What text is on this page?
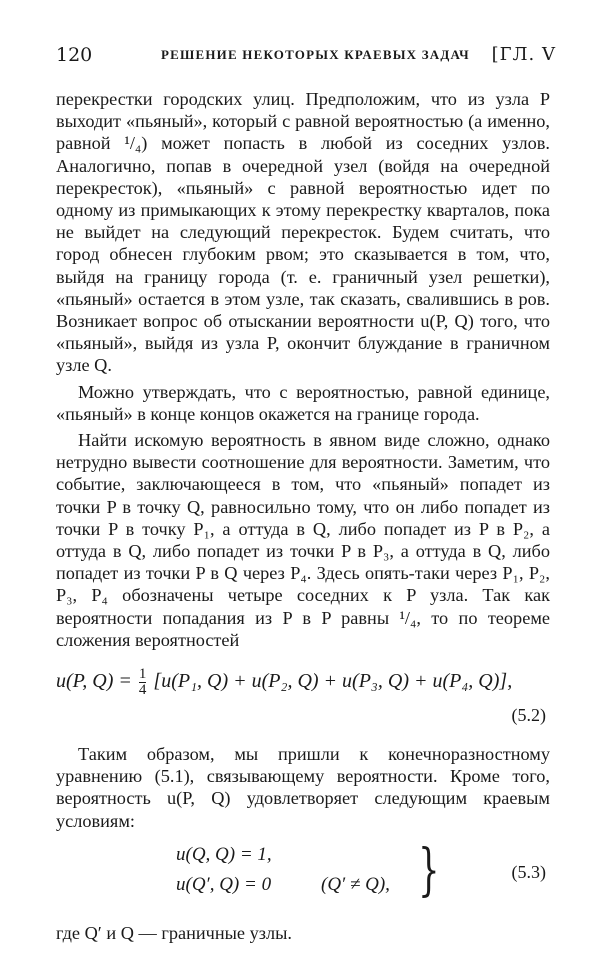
120	РЕШЕНИЕ НЕКОТОРЫХ КРАЕВЫХ ЗАДАЧ [ГЛ. V

перекрестки городских улиц. Предположим, что из узла P выходит «пьяный», который с равной вероятностью (а именно, равной ¹/₄) может попасть в любой из соседних узлов. Аналогично, попав в очередной узел (войдя на очередной перекресток), «пьяный» с равной вероятностью идет по одному из примыкающих к этому перекрестку кварталов, пока не выйдет на следующий перекресток. Будем считать, что город обнесен глубоким рвом; это сказывается в том, что, выйдя на границу города (т. е. граничный узел решетки), «пьяный» остается в этом узле, так сказать, свалившись в ров. Возникает вопрос об отыскании вероятности u(P, Q) того, что «пьяный», выйдя из узла P, окончит блуждание в граничном узле Q.

Можно утверждать, что с вероятностью, равной единице, «пьяный» в конце концов окажется на границе города.

Найти искомую вероятность в явном виде сложно, однако нетрудно вывести соотношение для вероятности. Заметим, что событие, заключающееся в том, что «пьяный» попадет из точки P в точку Q, равносильно тому, что он либо попадет из точки P в точку P₁, а оттуда в Q, либо попадет из P в P₂, а оттуда в Q, либо попадет из точки P в P₃, а оттуда в Q, либо попадет из точки P в Q через P₄. Здесь опять-таки через P₁, P₂, P₃, P₄ обозначены четыре соседних к P узла. Так как вероятности попадания из P в P равны ¹/₄, то по теореме сложения вероятностей

u(P, $Q) = \frac{1}{4} [u(P_1$, Q) + u(P₂, Q) + u(P₃, Q) + u(P₄, Q)],
(5.2)

Таким образом, мы пришли к конечноразностному уравнению (5.1), связывающему вероятности. Кроме того, вероятность u(P, Q) удовлетворяет следующим краевым условиям:

u(Q, Q) = 1,
u(Q′, Q) = 0	(Q′ ≠ Q), }	(5.3)

где Q′ и Q — граничные узлы.
